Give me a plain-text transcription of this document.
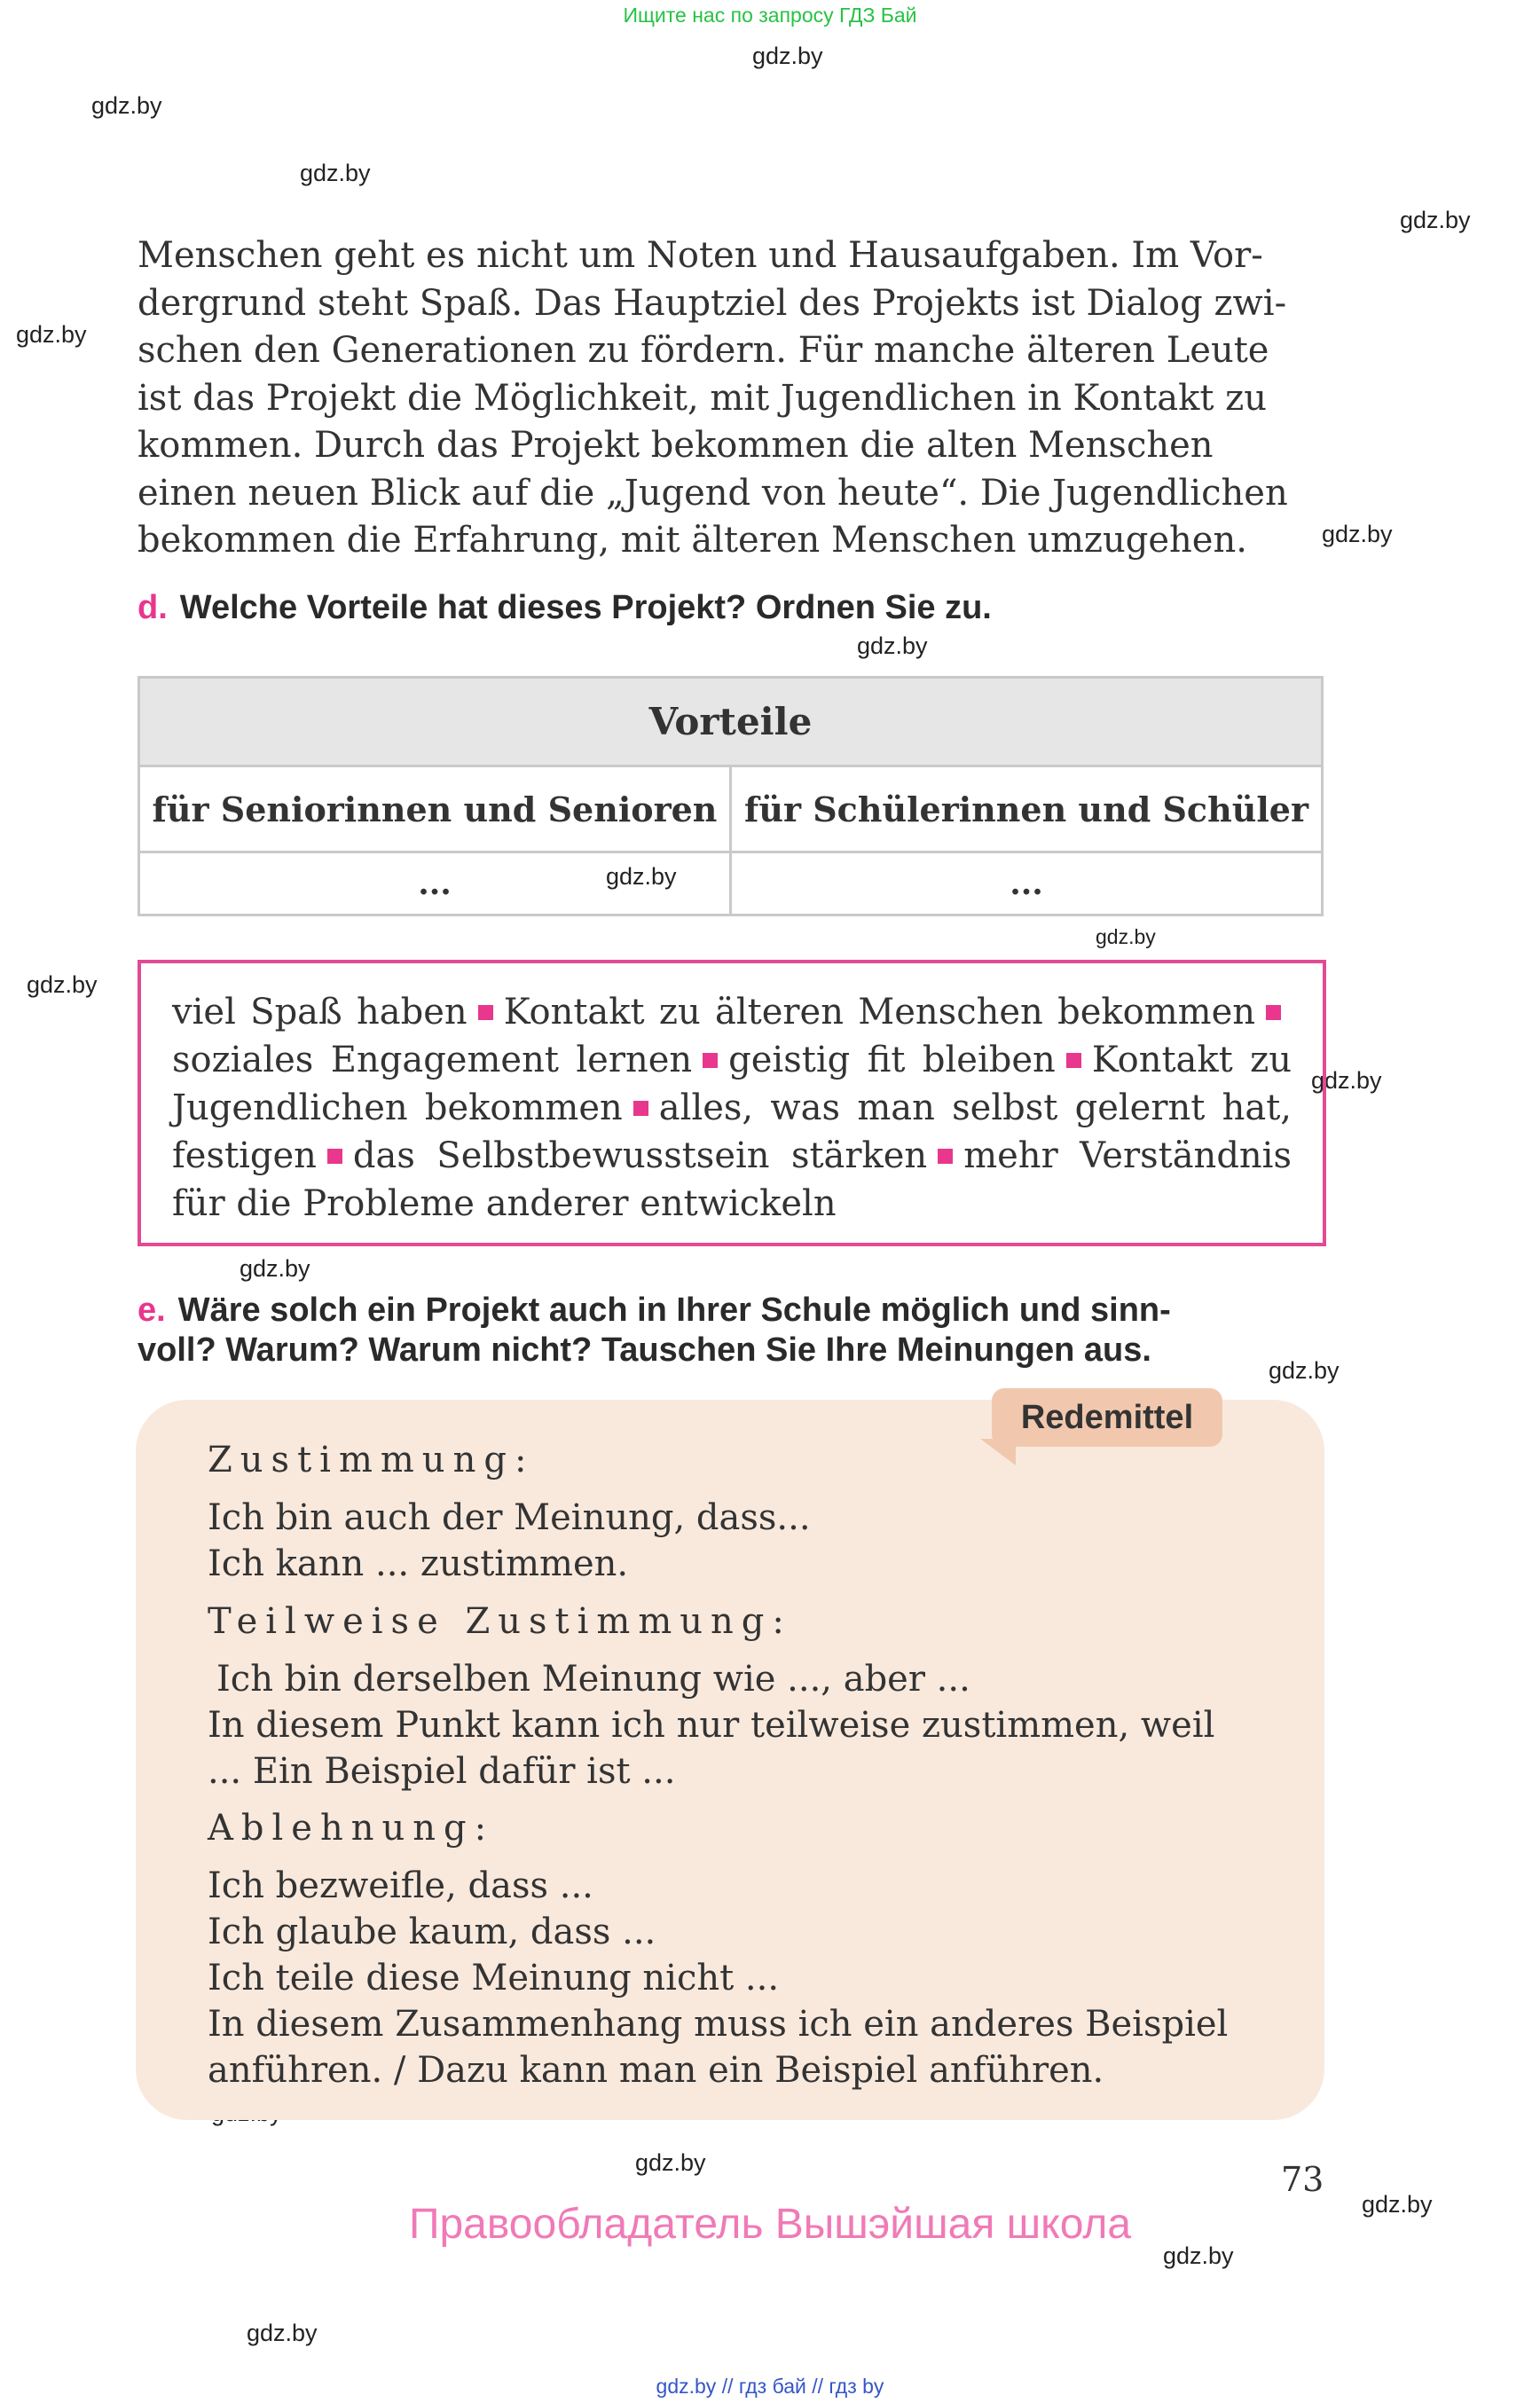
Ищите нас по запросу ГДЗ Бай
gdz.by
gdz.by
gdz.by
gdz.by
gdz.by
gdz.by
gdz.by
gdz.by
gdz.by
gdz.by
gdz.by
gdz.by
gdz.by
gdz.by
gdz.by
gdz.by
gdz.by
Menschen geht es nicht um Noten und Hausaufgaben. Im Vor-
dergrund steht Spaß. Das Hauptziel des Projekts ist Dialog zwi-
schen den Generationen zu fördern. Für manche älteren Leute
ist das Projekt die Möglichkeit, mit Jugendlichen in Kontakt zu
kommen. Durch das Projekt bekommen die alten Menschen
einen neuen Blick auf die „Jugend von heute“. Die Jugendlichen
bekommen die Erfahrung, mit älteren Menschen umzugehen.
d. Welche Vorteile hat dieses Projekt? Ordnen Sie zu.
Vorteile	
für Seniorinnen und Senioren	für Schülerinnen und Schüler
...	...
viel Spaß haben Kontakt zu älteren Menschen bekommensoziales Engagement lernen geistig fit bleiben Kontakt zu Jugendlichen bekommen alles, was man selbst gelernt hat, festigen das Selbstbewusstsein stärken mehr Verständnis für die Probleme anderer entwickeln
e. Wäre solch ein Projekt auch in Ihrer Schule möglich und sinn-
voll? Warum? Warum nicht? Tauschen Sie Ihre Meinungen aus.
Redemittel
Zustimmung:
Ich bin auch der Meinung, dass...
Ich kann ... zustimmen.
Teilweise Zustimmung:
Ich bin derselben Meinung wie ..., aber ...
In diesem Punkt kann ich nur teilweise zustimmen, weil
... Ein Beispiel dafür ist ...
Ablehnung:
Ich bezweifle, dass ...
Ich glaube kaum, dass ...
Ich teile diese Meinung nicht ...
In diesem Zusammenhang muss ich ein anderes Beispiel
anführen. / Dazu kann man ein Beispiel anführen.
73
Правообладатель Вышэйшая школа
gdz.by // гдз бай // гдз by
